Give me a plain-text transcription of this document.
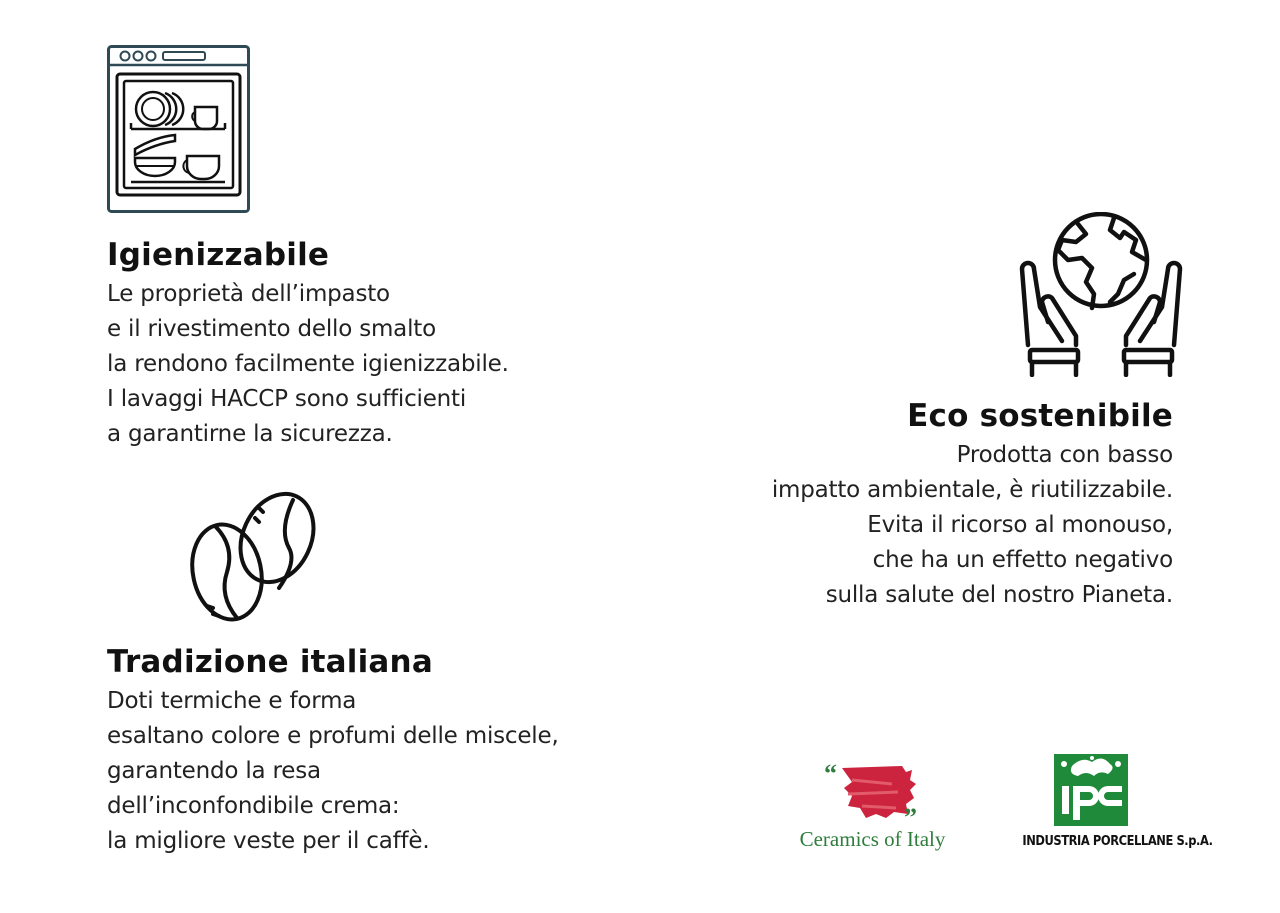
Igienizzabile
Le proprietà dell’impasto
e il rivestimento dello smalto
la rendono facilmente igienizzabile.
I lavaggi HACCP sono sufficienti
a garantirne la sicurezza.	Eco sostenibile
Prodotta con basso
impatto ambientale, è riutilizzabile.
Evita il ricorso al monouso,
che ha un effetto negativo
sulla salute del nostro Pianeta.
Tradizione italiana
Doti termiche e forma
esaltano colore e profumi delle miscele,
garantendo la resa
dell’inconfondibile crema:
la migliore veste per il caffè.
“
”
Ceramics of Italy	INDUSTRIA PORCELLANE S.p.A.
